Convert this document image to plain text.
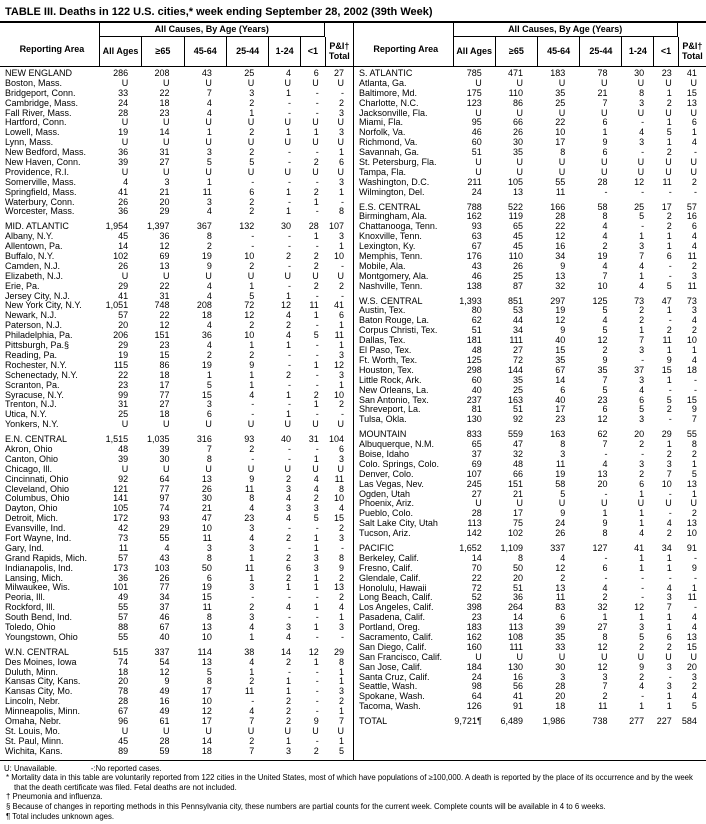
TABLE III. Deaths in 122 U.S. cities,* week ending September 28, 2002 (39th Week)
All Causes, By Age (Years)
Reporting Area	All Ages	≥65	45-64	25-44	1-24	<1	P&I† Total
NEW ENGLAND	286	208	43	25	4	6	27
Boston, Mass.	U	U	U	U	U	U	U
Bridgeport, Conn.	33	22	7	3	1	-	-
Cambridge, Mass.	24	18	4	2	-	-	2
Fall River, Mass.	28	23	4	1	-	-	3
Hartford, Conn.	U	U	U	U	U	U	U
Lowell, Mass.	19	14	1	2	1	1	3
Lynn, Mass.	U	U	U	U	U	U	U
New Bedford, Mass.	36	31	3	2	-	-	1
New Haven, Conn.	39	27	5	5	-	2	6
Providence, R.I.	U	U	U	U	U	U	U
Somerville, Mass.	4	3	1	-	-	-	3
Springfield, Mass.	41	21	11	6	1	2	1
Waterbury, Conn.	26	20	3	2	-	1	-
Worcester, Mass.	36	29	4	2	1	-	8
MID. ATLANTIC	1,954	1,397	367	132	30	28	107
Albany, N.Y.	45	36	8	-	-	1	3
Allentown, Pa.	14	12	2	-	-	-	1
Buffalo, N.Y.	102	69	19	10	2	2	10
Camden, N.J.	26	13	9	2	-	2	-
Elizabeth, N.J.	U	U	U	U	U	U	U
Erie, Pa.	29	22	4	1	-	2	2
Jersey City, N.J.	41	31	4	5	1	-	-
New York City, N.Y.	1,051	748	208	72	12	11	41
Newark, N.J.	57	22	18	12	4	1	6
Paterson, N.J.	20	12	4	2	2	-	1
Philadelphia, Pa.	206	151	36	10	4	5	11
Pittsburgh, Pa.§	29	23	4	1	1	-	1
Reading, Pa.	19	15	2	2	-	-	3
Rochester, N.Y.	115	86	19	9	-	1	12
Schenectady, N.Y.	22	18	1	1	2	-	3
Scranton, Pa.	23	17	5	1	-	-	1
Syracuse, N.Y.	99	77	15	4	1	2	10
Trenton, N.J.	31	27	3	-	-	1	2
Utica, N.Y.	25	18	6	-	1	-	-
Yonkers, N.Y.	U	U	U	U	U	U	U
E.N. CENTRAL	1,515	1,035	316	93	40	31	104
Akron, Ohio	48	39	7	2	-	-	6
Canton, Ohio	39	30	8	-	-	1	3
Chicago, Ill.	U	U	U	U	U	U	U
Cincinnati, Ohio	92	64	13	9	2	4	11
Cleveland, Ohio	121	77	26	11	3	4	8
Columbus, Ohio	141	97	30	8	4	2	10
Dayton, Ohio	105	74	21	4	3	3	4
Detroit, Mich.	172	93	47	23	4	5	15
Evansville, Ind.	42	29	10	3	-	-	2
Fort Wayne, Ind.	73	55	11	4	2	1	3
Gary, Ind.	11	4	3	3	-	1	-
Grand Rapids, Mich.	57	43	8	1	2	3	8
Indianapolis, Ind.	173	103	50	11	6	3	9
Lansing, Mich.	36	26	6	1	2	1	2
Milwaukee, Wis.	101	77	19	3	1	1	13
Peoria, Ill.	49	34	15	-	-	-	2
Rockford, Ill.	55	37	11	2	4	1	4
South Bend, Ind.	57	46	8	3	-	-	1
Toledo, Ohio	88	67	13	4	3	1	3
Youngstown, Ohio	55	40	10	1	4	-	-
W.N. CENTRAL	515	337	114	38	14	12	29
Des Moines, Iowa	74	54	13	4	2	1	8
Duluth, Minn.	18	12	5	1	-	-	1
Kansas City, Kans.	20	9	8	2	1	-	1
Kansas City, Mo.	78	49	17	11	1	-	3
Lincoln, Nebr.	28	16	10	-	2	-	2
Minneapolis, Minn.	67	49	12	4	2	-	1
Omaha, Nebr.	96	61	17	7	2	9	7
St. Louis, Mo.	U	U	U	U	U	U	U
St. Paul, Minn.	45	28	14	2	1	-	1
Wichita, Kans.	89	59	18	7	3	2	5
All Causes, By Age (Years)
Reporting Area	All Ages	≥65	45-64	25-44	1-24	<1	P&I† Total
S. ATLANTIC	785	471	183	78	30	23	41
Atlanta, Ga.	U	U	U	U	U	U	U
Baltimore, Md.	175	110	35	21	8	1	15
Charlotte, N.C.	123	86	25	7	3	2	13
Jacksonville, Fla.	U	U	U	U	U	U	U
Miami, Fla.	95	66	22	6	-	1	6
Norfolk, Va.	46	26	10	1	4	5	1
Richmond, Va.	60	30	17	9	3	1	4
Savannah, Ga.	51	35	8	6	-	2	-
St. Petersburg, Fla.	U	U	U	U	U	U	U
Tampa, Fla.	U	U	U	U	U	U	U
Washington, D.C.	211	105	55	28	12	11	2
Wilmington, Del.	24	13	11	-	-	-	-
E.S. CENTRAL	788	522	166	58	25	17	57
Birmingham, Ala.	162	119	28	8	5	2	16
Chattanooga, Tenn.	93	65	22	4	-	2	6
Knoxville, Tenn.	63	45	12	4	1	1	4
Lexington, Ky.	67	45	16	2	3	1	4
Memphis, Tenn.	176	110	34	19	7	6	11
Mobile, Ala.	43	26	9	4	4	-	2
Montgomery, Ala.	46	25	13	7	1	-	3
Nashville, Tenn.	138	87	32	10	4	5	11
W.S. CENTRAL	1,393	851	297	125	73	47	73
Austin, Tex.	80	53	19	5	2	1	3
Baton Rouge, La.	62	44	12	4	2	-	4
Corpus Christi, Tex.	51	34	9	5	1	2	2
Dallas, Tex.	181	111	40	12	7	11	10
El Paso, Tex.	48	27	15	2	3	1	1
Ft. Worth, Tex.	125	72	35	9	-	9	4
Houston, Tex.	298	144	67	35	37	15	18
Little Rock, Ark.	60	35	14	7	3	1	-
New Orleans, La.	40	25	6	5	4	-	-
San Antonio, Tex.	237	163	40	23	6	5	15
Shreveport, La.	81	51	17	6	5	2	9
Tulsa, Okla.	130	92	23	12	3	-	7
MOUNTAIN	833	559	163	62	20	29	55
Albuquerque, N.M.	65	47	8	7	2	1	8
Boise, Idaho	37	32	3	-	-	2	2
Colo. Springs, Colo.	69	48	11	4	3	3	1
Denver, Colo.	107	66	19	13	2	7	5
Las Vegas, Nev.	245	151	58	20	6	10	13
Ogden, Utah	27	21	5	-	1	-	1
Phoenix, Ariz.	U	U	U	U	U	U	U
Pueblo, Colo.	28	17	9	1	1	-	2
Salt Lake City, Utah	113	75	24	9	1	4	13
Tucson, Ariz.	142	102	26	8	4	2	10
PACIFIC	1,652	1,109	337	127	41	34	91
Berkeley, Calif.	14	8	4	-	1	1	-
Fresno, Calif.	70	50	12	6	1	1	9
Glendale, Calif.	22	20	2	-	-	-	-
Honolulu, Hawaii	72	51	13	4	-	4	1
Long Beach, Calif.	52	36	11	2	-	3	11
Los Angeles, Calif.	398	264	83	32	12	7	-
Pasadena, Calif.	23	14	6	1	1	1	4
Portland, Oreg.	183	113	39	27	3	1	4
Sacramento, Calif.	162	108	35	8	5	6	13
San Diego, Calif.	160	111	33	12	2	2	15
San Francisco, Calif.	U	U	U	U	U	U	U
San Jose, Calif.	184	130	30	12	9	3	20
Santa Cruz, Calif.	24	16	3	3	2	-	3
Seattle, Wash.	98	56	28	7	4	3	2
Spokane, Wash.	64	41	20	2	-	1	4
Tacoma, Wash.	126	91	18	11	1	1	5
TOTAL	9,721¶	6,489	1,986	738	277	227	584
U: Unavailable.	-:No reported cases.
* Mortality data in this table are voluntarily reported from 122 cities in the United States, most of which have populations of ≥100,000. A death is reported by the place of its occurrence and by the week that the death certificate was filed. Fetal deaths are not included.
† Pneumonia and influenza.
§ Because of changes in reporting methods in this Pennsylvania city, these numbers are partial counts for the current week. Complete counts will be available in 4 to 6 weeks.
¶ Total includes unknown ages.
